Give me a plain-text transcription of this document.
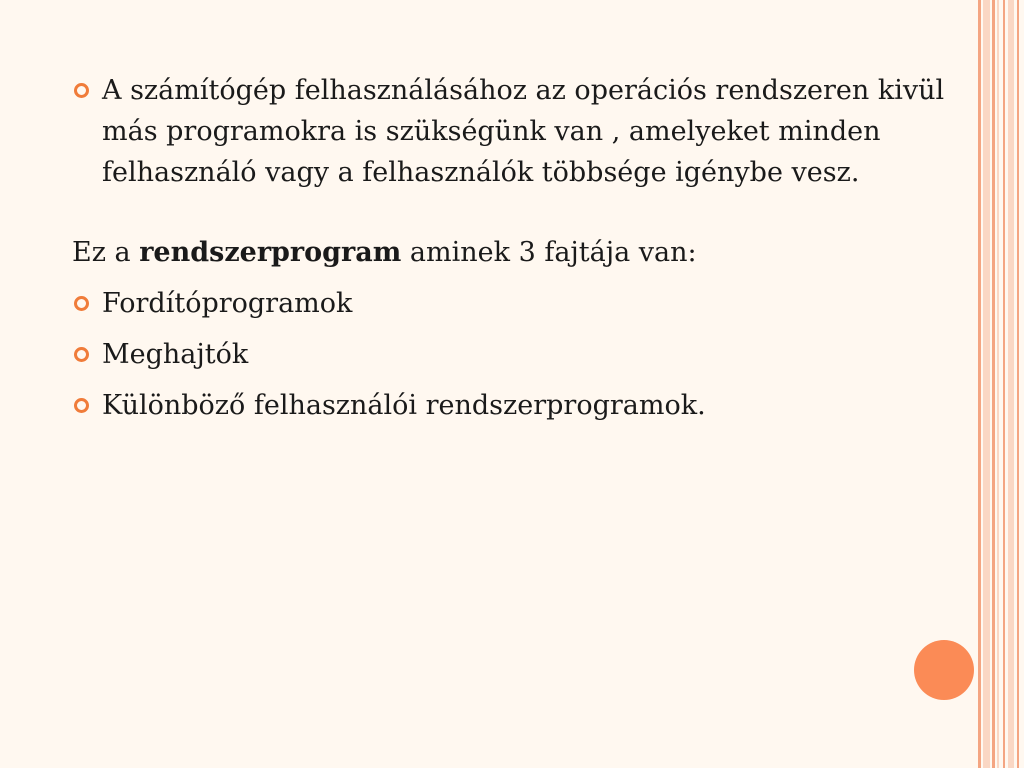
A számítógép felhasználásához az operációs rendszeren kivül más programokra is szükségünk van , amelyeket minden felhasználó vagy a felhasználók többsége igénybe vesz.

Ez a rendszerprogram aminek 3 fajtája van:

Fordítóprogramok

Meghajtók

Különböző felhasználói rendszerprogramok.
